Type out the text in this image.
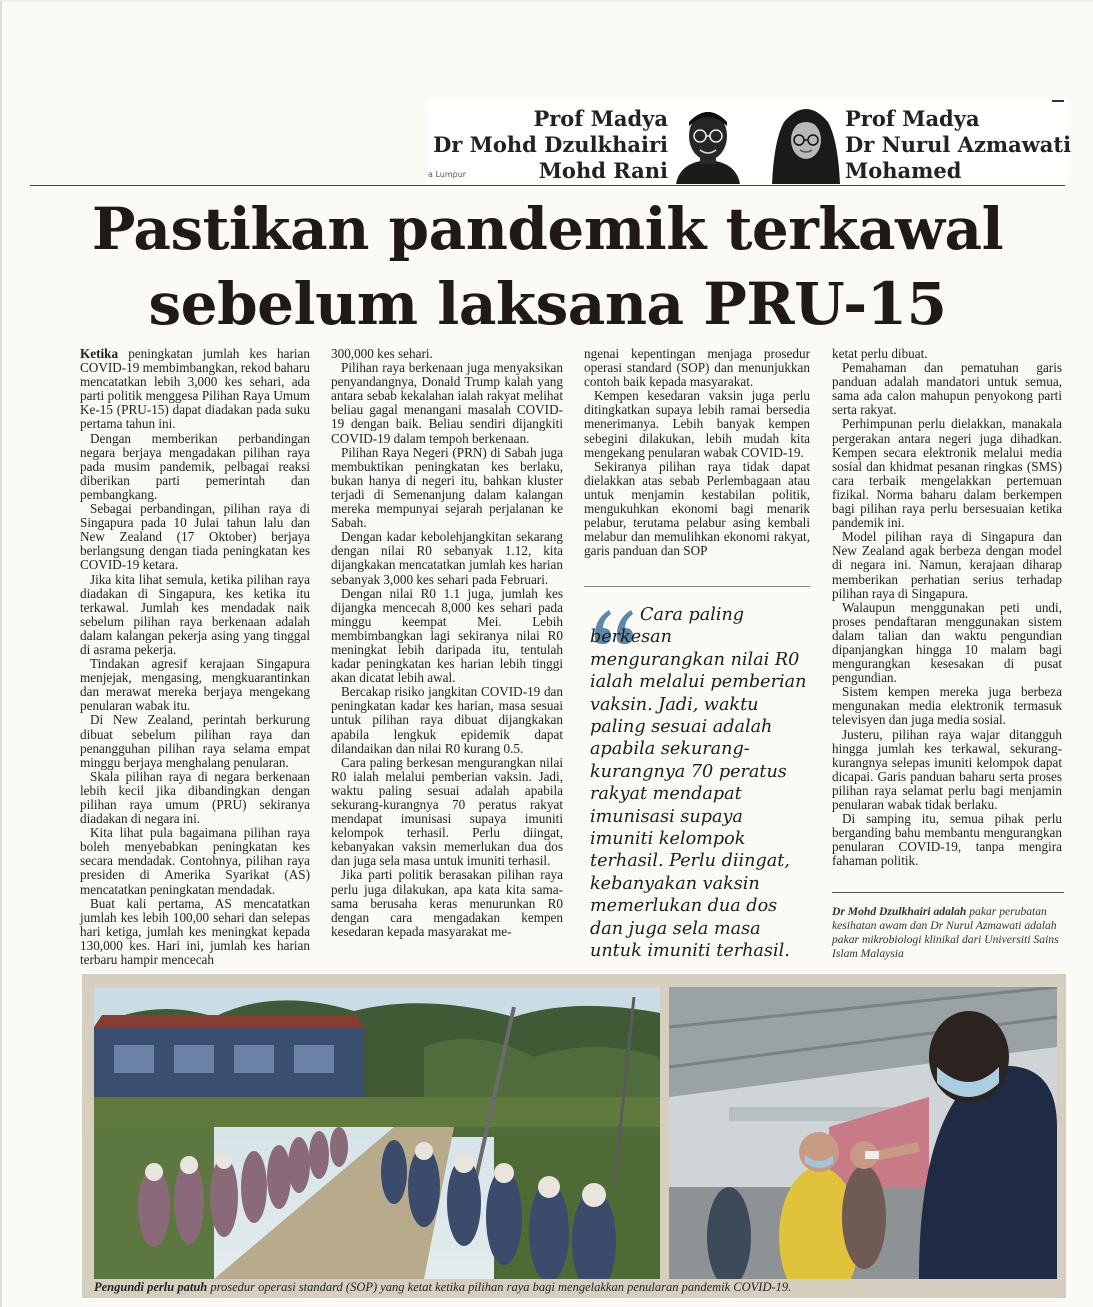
Prof Madya
Dr Mohd Dzulkhairi
Mohd Rani
Prof Madya
Dr Nurul Azmawati
Mohamed
a Lumpur
Pastikan pandemik terkawal
sebelum laksana PRU-15

Ketika peningkatan jumlah kes harian COVID-19 membimbangkan, rekod baharu mencatatkan lebih 3,000 kes sehari, ada parti politik menggesa Pilihan Raya Umum Ke-15 (PRU-15) dapat diadakan pada suku pertama tahun ini.

Dengan memberikan perbandingan negara berjaya mengadakan pilihan raya pada musim pandemik, pelbagai reaksi diberikan parti pemerintah dan pembangkang.

Sebagai perbandingan, pilihan raya di Singapura pada 10 Julai tahun lalu dan New Zealand (17 Oktober) berjaya berlangsung dengan tiada peningkatan kes COVID-19 ketara.

Jika kita lihat semula, ketika pilihan raya diadakan di Singapura, kes ketika itu terkawal. Jumlah kes mendadak naik sebelum pilihan raya berkenaan adalah dalam kalangan pekerja asing yang tinggal di asrama pekerja.

Tindakan agresif kerajaan Singapura menjejak, mengasing, mengkuarantinkan dan merawat mereka berjaya mengekang penularan wabak itu.

Di New Zealand, perintah berkurung dibuat sebelum pilihan raya dan penangguhan pilihan raya selama empat minggu berjaya menghalang penularan.

Skala pilihan raya di negara berkenaan lebih kecil jika dibandingkan dengan pilihan raya umum (PRU) sekiranya diadakan di negara ini.

Kita lihat pula bagaimana pilihan raya boleh menyebabkan peningkatan kes secara mendadak. Contohnya, pilihan raya presiden di Amerika Syarikat (AS) mencatatkan peningkatan mendadak.

Buat kali pertama, AS mencatatkan jumlah kes lebih 100,00 sehari dan selepas hari ketiga, jumlah kes meningkat kepada 130,000 kes. Hari ini, jumlah kes harian terbaru hampir mencecah

300,000 kes sehari.

Pilihan raya berkenaan juga menyaksikan penyandangnya, Donald Trump kalah yang antara sebab kekalahan ialah rakyat melihat beliau gagal menangani masalah COVID-19 dengan baik. Beliau sendiri dijangkiti COVID-19 dalam tempoh berkenaan.

Pilihan Raya Negeri (PRN) di Sabah juga membuktikan peningkatan kes berlaku, bukan hanya di negeri itu, bahkan kluster terjadi di Semenanjung dalam kalangan mereka mempunyai sejarah perjalanan ke Sabah.

Dengan kadar kebolehjangkitan sekarang dengan nilai R0 sebanyak 1.12, kita dijangkakan mencatatkan jumlah kes harian sebanyak 3,000 kes sehari pada Februari.

Dengan nilai R0 1.1 juga, jumlah kes dijangka mencecah 8,000 kes sehari pada minggu keempat Mei. Lebih membimbangkan lagi sekiranya nilai R0 meningkat lebih daripada itu, tentulah kadar peningkatan kes harian lebih tinggi akan dicatat lebih awal.

Bercakap risiko jangkitan COVID-19 dan peningkatan kadar kes harian, masa sesuai untuk pilihan raya dibuat dijangkakan apabila lengkuk epidemik dapat dilandaikan dan nilai R0 kurang 0.5.

Cara paling berkesan mengurangkan nilai R0 ialah melalui pemberian vaksin. Jadi, waktu paling sesuai adalah apabila sekurang-kurangnya 70 peratus rakyat mendapat imunisasi supaya imuniti kelompok terhasil. Perlu diingat, kebanyakan vaksin memerlukan dua dos dan juga sela masa untuk imuniti terhasil.

Jika parti politik berasakan pilihan raya perlu juga dilakukan, apa kata kita sama-sama berusaha keras menurunkan R0 dengan cara mengadakan kempen kesedaran kepada masyarakat me-

ngenai kepentingan menjaga prosedur operasi standard (SOP) dan menunjukkan contoh baik kepada masyarakat.

Kempen kesedaran vaksin juga perlu ditingkatkan supaya lebih ramai bersedia menerimanya. Lebih banyak kempen sebegini dilakukan, lebih mudah kita mengekang penularan wabak COVID-19.

Sekiranya pilihan raya tidak dapat dielakkan atas sebab Perlembagaan atau untuk menjamin kestabilan politik, mengukuhkan ekonomi bagi menarik pelabur, terutama pelabur asing kembali melabur dan memulihkan ekonomi rakyat, garis panduan dan SOP

Cara paling berkesan mengurangkan nilai R0 ialah melalui pemberian vaksin. Jadi, waktu paling sesuai adalah apabila sekurang-kurangnya 70 peratus rakyat mendapat imunisasi supaya imuniti kelompok terhasil. Perlu diingat, kebanyakan vaksin memerlukan dua dos dan juga sela masa untuk imuniti terhasil.

ketat perlu dibuat.

Pemahaman dan pematuhan garis panduan adalah mandatori untuk semua, sama ada calon mahupun penyokong parti serta rakyat.

Perhimpunan perlu dielakkan, manakala pergerakan antara negeri juga dihadkan. Kempen secara elektronik melalui media sosial dan khidmat pesanan ringkas (SMS) cara terbaik mengelakkan pertemuan fizikal. Norma baharu dalam berkempen bagi pilihan raya perlu bersesuaian ketika pandemik ini.

Model pilihan raya di Singapura dan New Zealand agak berbeza dengan model di negara ini. Namun, kerajaan diharap memberikan perhatian serius terhadap pilihan raya di Singapura.

Walaupun menggunakan peti undi, proses pendaftaran menggunakan sistem dalam talian dan waktu pengundian dipanjangkan hingga 10 malam bagi mengurangkan kesesakan di pusat pengundian.

Sistem kempen mereka juga berbeza mengunakan media elektronik termasuk televisyen dan juga media sosial.

Justeru, pilihan raya wajar ditangguh hingga jumlah kes terkawal, sekurang-kurangnya selepas imuniti kelompok dapat dicapai. Garis panduan baharu serta proses pilihan raya selamat perlu bagi menjamin penularan wabak tidak berlaku.

Di samping itu, semua pihak perlu berganding bahu membantu mengurangkan penularan COVID-19, tanpa mengira fahaman politik.

Dr Mohd Dzulkhairi adalah pakar perubatan kesihatan awam dan Dr Nurul Azmawati adalah pakar mikrobiologi klinikal dari Universiti Sains Islam Malaysia
Pengundi perlu patuh prosedur operasi standard (SOP) yang ketat ketika pilihan raya bagi mengelakkan penularan pandemik COVID-19.
